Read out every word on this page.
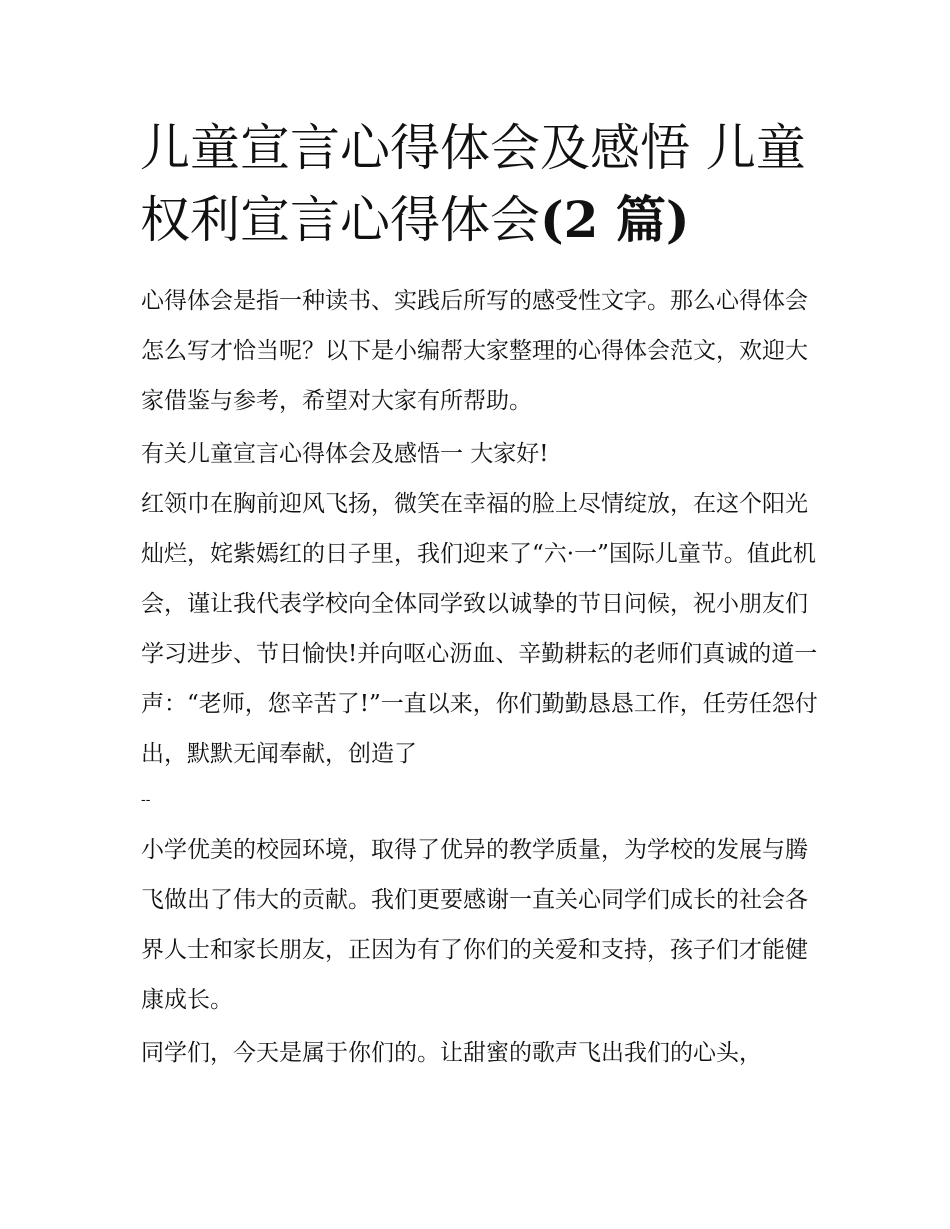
儿童宣言心得体会及感悟 儿童权利宣言心得体会(2 篇)

心得体会是指一种读书、实践后所写的感受性文字。那么心得体会怎么写才恰当呢？以下是小编帮大家整理的心得体会范文，欢迎大家借鉴与参考，希望对大家有所帮助。

有关儿童宣言心得体会及感悟一 大家好!

红领巾在胸前迎风飞扬，微笑在幸福的脸上尽情绽放，在这个阳光灿烂，姹紫嫣红的日子里，我们迎来了“六·一”国际儿童节。值此机会，谨让我代表学校向全体同学致以诚挚的节日问候，祝小朋友们学习进步、节日愉快!并向呕心沥血、辛勤耕耘的老师们真诚的道一声：“老师，您辛苦了!”一直以来，你们勤勤恳恳工作，任劳任怨付出，默默无闻奉献，创造了

--

小学优美的校园环境，取得了优异的教学质量，为学校的发展与腾飞做出了伟大的贡献。我们更要感谢一直关心同学们成长的社会各界人士和家长朋友，正因为有了你们的关爱和支持，孩子们才能健康成长。

同学们，今天是属于你们的。让甜蜜的歌声飞出我们的心头，
